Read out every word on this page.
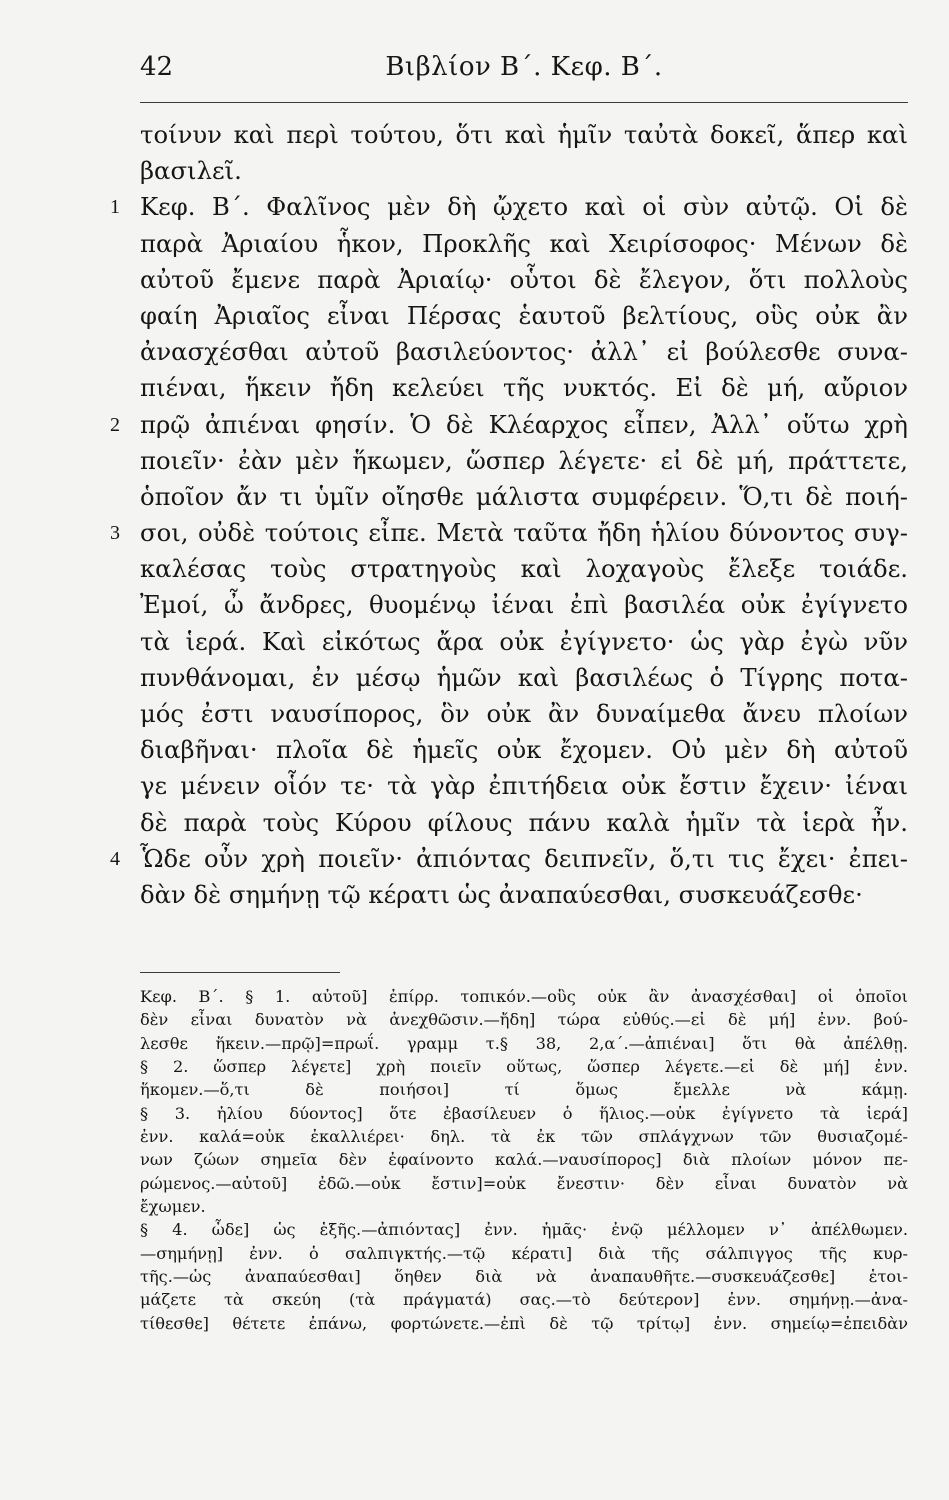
42	Βιβλίον Β΄. Κεφ. Β΄.
τοίνυν καὶ περὶ τούτου, ὅτι καὶ ἡμῖν ταὐτὰ δοκεῖ, ἅπερ καὶ
βασιλεῖ.
1 Κεφ. Β΄. Φαλῖνος μὲν δὴ ᾤχετο καὶ οἱ σὺν αὐτῷ. Οἱ δὲ
παρὰ Ἀριαίου ἧκον, Προκλῆς καὶ Χειρίσοφος· Μένων δὲ
αὐτοῦ ἔμενε παρὰ Ἀριαίῳ· οὗτοι δὲ ἔλεγον, ὅτι πολλοὺς
φαίη Ἀριαῖος εἶναι Πέρσας ἑαυτοῦ βελτίους, οὓς οὐκ ἂν
ἀνασχέσθαι αὐτοῦ βασιλεύοντος· ἀλλ᾽ εἰ βούλεσθε συνα-
πιέναι, ἥκειν ἤδη κελεύει τῆς νυκτός. Εἰ δὲ μή, αὔριον
2 πρῷ ἀπιέναι φησίν. Ὁ δὲ Κλέαρχος εἶπεν, Ἀλλ᾽ οὕτω χρὴ
ποιεῖν· ἐὰν μὲν ἥκωμεν, ὥσπερ λέγετε· εἰ δὲ μή, πράττετε,
ὁποῖον ἄν τι ὑμῖν οἴησθε μάλιστα συμφέρειν. Ὅ,τι δὲ ποιή-
3 σοι, οὐδὲ τούτοις εἶπε. Μετὰ ταῦτα ἤδη ἡλίου δύνοντος συγ-
καλέσας τοὺς στρατηγοὺς καὶ λοχαγοὺς ἔλεξε τοιάδε.
Ἐμοί, ὦ ἄνδρες, θυομένῳ ἰέναι ἐπὶ βασιλέα οὐκ ἐγίγνετο
τὰ ἱερά. Καὶ εἰκότως ἄρα οὐκ ἐγίγνετο· ὡς γὰρ ἐγὼ νῦν
πυνθάνομαι, ἐν μέσῳ ἡμῶν καὶ βασιλέως ὁ Τίγρης ποτα-
μός ἐστι ναυσίπορος, ὃν οὐκ ἂν δυναίμεθα ἄνευ πλοίων
διαβῆναι· πλοῖα δὲ ἡμεῖς οὐκ ἔχομεν. Οὐ μὲν δὴ αὐτοῦ
γε μένειν οἷόν τε· τὰ γὰρ ἐπιτήδεια οὐκ ἔστιν ἔχειν· ἰέναι
δὲ παρὰ τοὺς Κύρου φίλους πάνυ καλὰ ἡμῖν τὰ ἱερὰ ἦν.
4 Ὧδε οὖν χρὴ ποιεῖν· ἀπιόντας δειπνεῖν, ὅ,τι τις ἔχει· ἐπει-
δὰν δὲ σημήνῃ τῷ κέρατι ὡς ἀναπαύεσθαι, συσκευάζεσθε·
Κεφ. Β΄. § 1. αὐτοῦ] ἐπίρρ. τοπικόν.—οὓς οὐκ ἂν ἀνασχέσθαι] οἱ ὁποῖοι
δὲν εἶναι δυνατὸν νὰ ἀνεχθῶσιν.—ἤδη] τώρα εὐθύς.—εἰ δὲ μή] ἐνν. βού-
λεσθε ἥκειν.—πρῷ]=πρωΐ. γραμμ τ.§ 38, 2,α΄.—ἀπιέναι] ὅτι θὰ ἀπέλθῃ.
§ 2. ὥσπερ λέγετε] χρὴ ποιεῖν οὕτως, ὥσπερ λέγετε.—εἰ δὲ μή] ἐνν.
ἥκομεν.—ὅ,τι δὲ ποιήσοι] τί ὅμως ἔμελλε νὰ κάμῃ.
§ 3. ἡλίου δύοντος] ὅτε ἐβασίλευεν ὁ ἥλιος.—οὐκ ἐγίγνετο τὰ ἱερά]
ἐνν. καλά=οὐκ ἐκαλλιέρει· δηλ. τὰ ἐκ τῶν σπλάγχνων τῶν θυσιαζομέ-
νων ζώων σημεῖα δὲν ἐφαίνοντο καλά.—ναυσίπορος] διὰ πλοίων μόνον πε-
ρώμενος.—αὐτοῦ] ἐδῶ.—οὐκ ἔστιν]=οὐκ ἔνεστιν· δὲν εἶναι δυνατὸν νὰ
ἔχωμεν.
§ 4. ὧδε] ὡς ἑξῆς.—ἀπιόντας] ἐνν. ἡμᾶς· ἐνῷ μέλλομεν ν᾽ ἀπέλθωμεν.
—σημήνῃ] ἐνν. ὁ σαλπιγκτής.—τῷ κέρατι] διὰ τῆς σάλπιγγος τῆς κυρ-
τῆς.—ὡς ἀναπαύεσθαι] ὅηθεν διὰ νὰ ἀναπαυθῆτε.—συσκευάζεσθε] ἑτοι-
μάζετε τὰ σκεύη (τὰ πράγματά) σας.—τὸ δεύτερον] ἐνν. σημήνῃ.—ἀνα-
τίθεσθε] θέτετε ἐπάνω, φορτώνετε.—ἐπὶ δὲ τῷ τρίτῳ] ἐνν. σημείῳ=ἐπειδὰν
